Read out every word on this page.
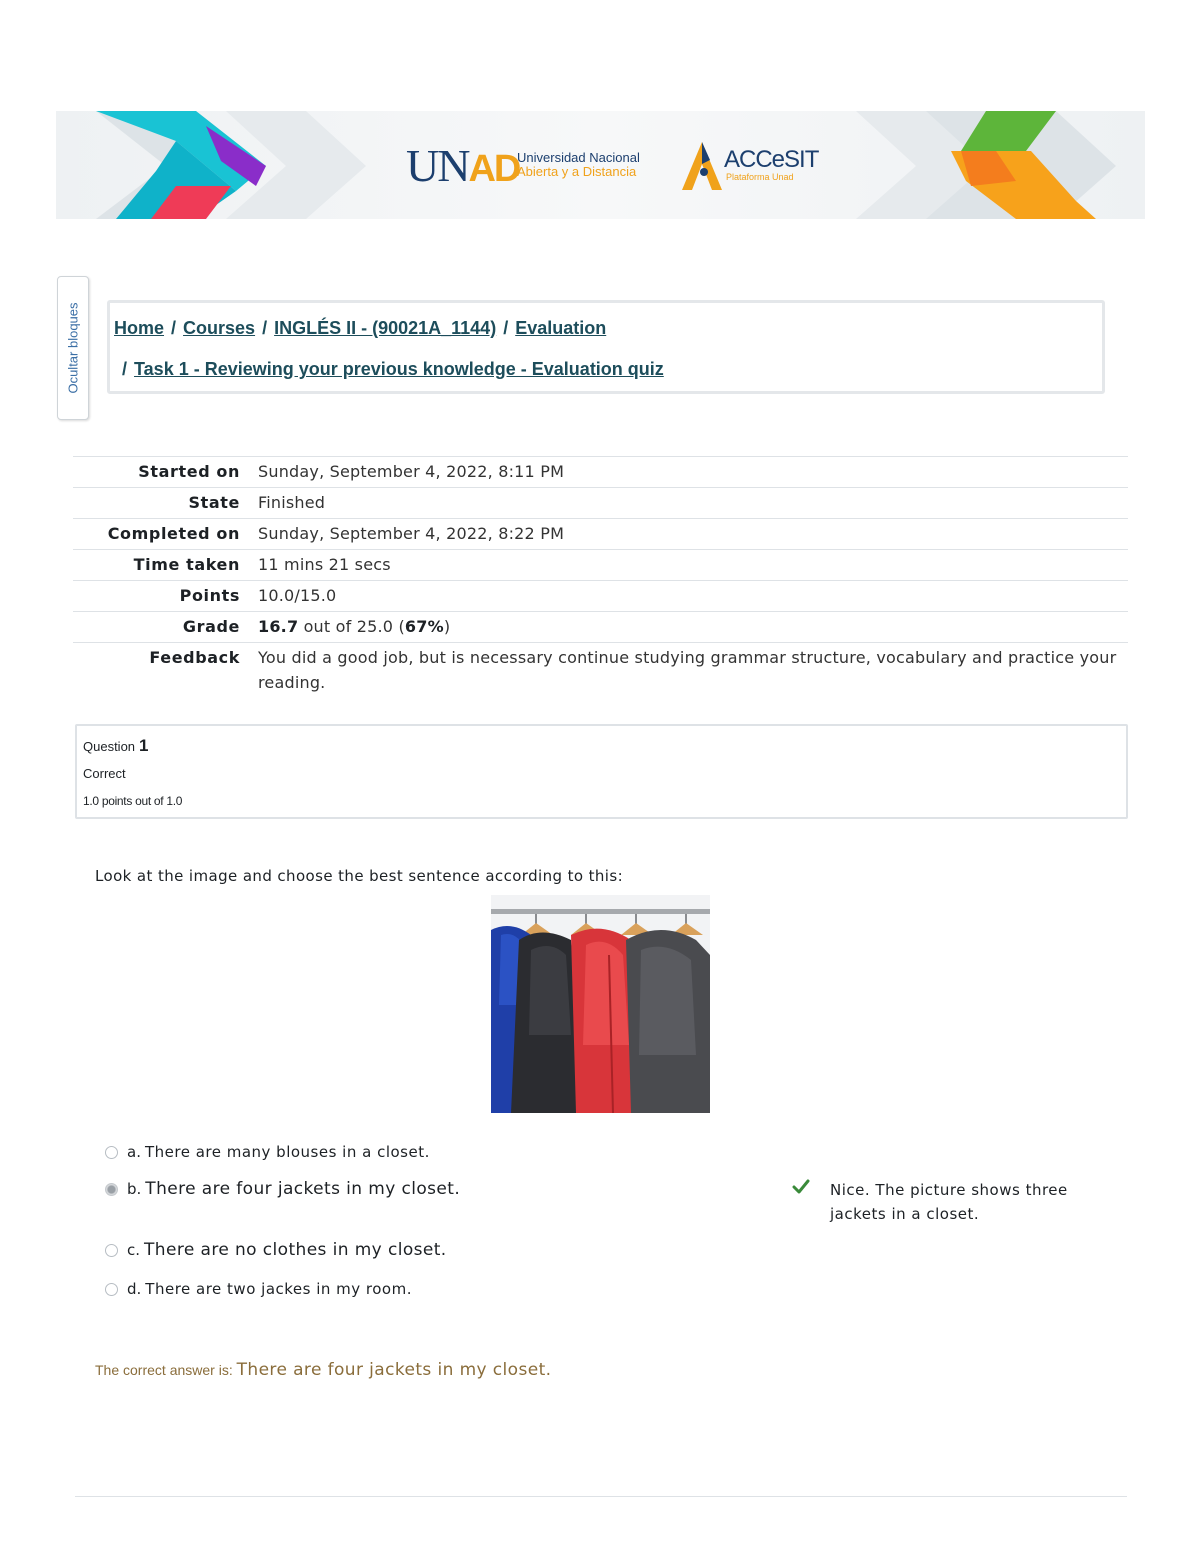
UNAD
Universidad Nacional
Abierta y a Distancia	ACCeSIT
Plataforma Unad
Ocultar bloques Home / Courses / INGLÉS II - (90021A_1144) / Evaluation
/ Task 1 - Reviewing your previous knowledge - Evaluation quiz
Started on	Sunday, September 4, 2022, 8:11 PM
State	Finished
Completed on	Sunday, September 4, 2022, 8:22 PM
Time taken	11 mins 21 secs
Points	10.0/15.0
Grade	16.7 out of 25.0 (67%)
Feedback	You did a good job, but is necessary continue studying grammar structure, vocabulary and practice your reading.
Question 1
Correct
1.0 points out of 1.0
Look at the image and choose the best sentence according to this:
a. There are many blouses in a closet.
b. There are four jackets in my closet.
c. There are no clothes in my closet.
d. There are two jackes in my room.
Nice. The picture shows three jackets in a closet.
The correct answer is: There are four jackets in my closet.
